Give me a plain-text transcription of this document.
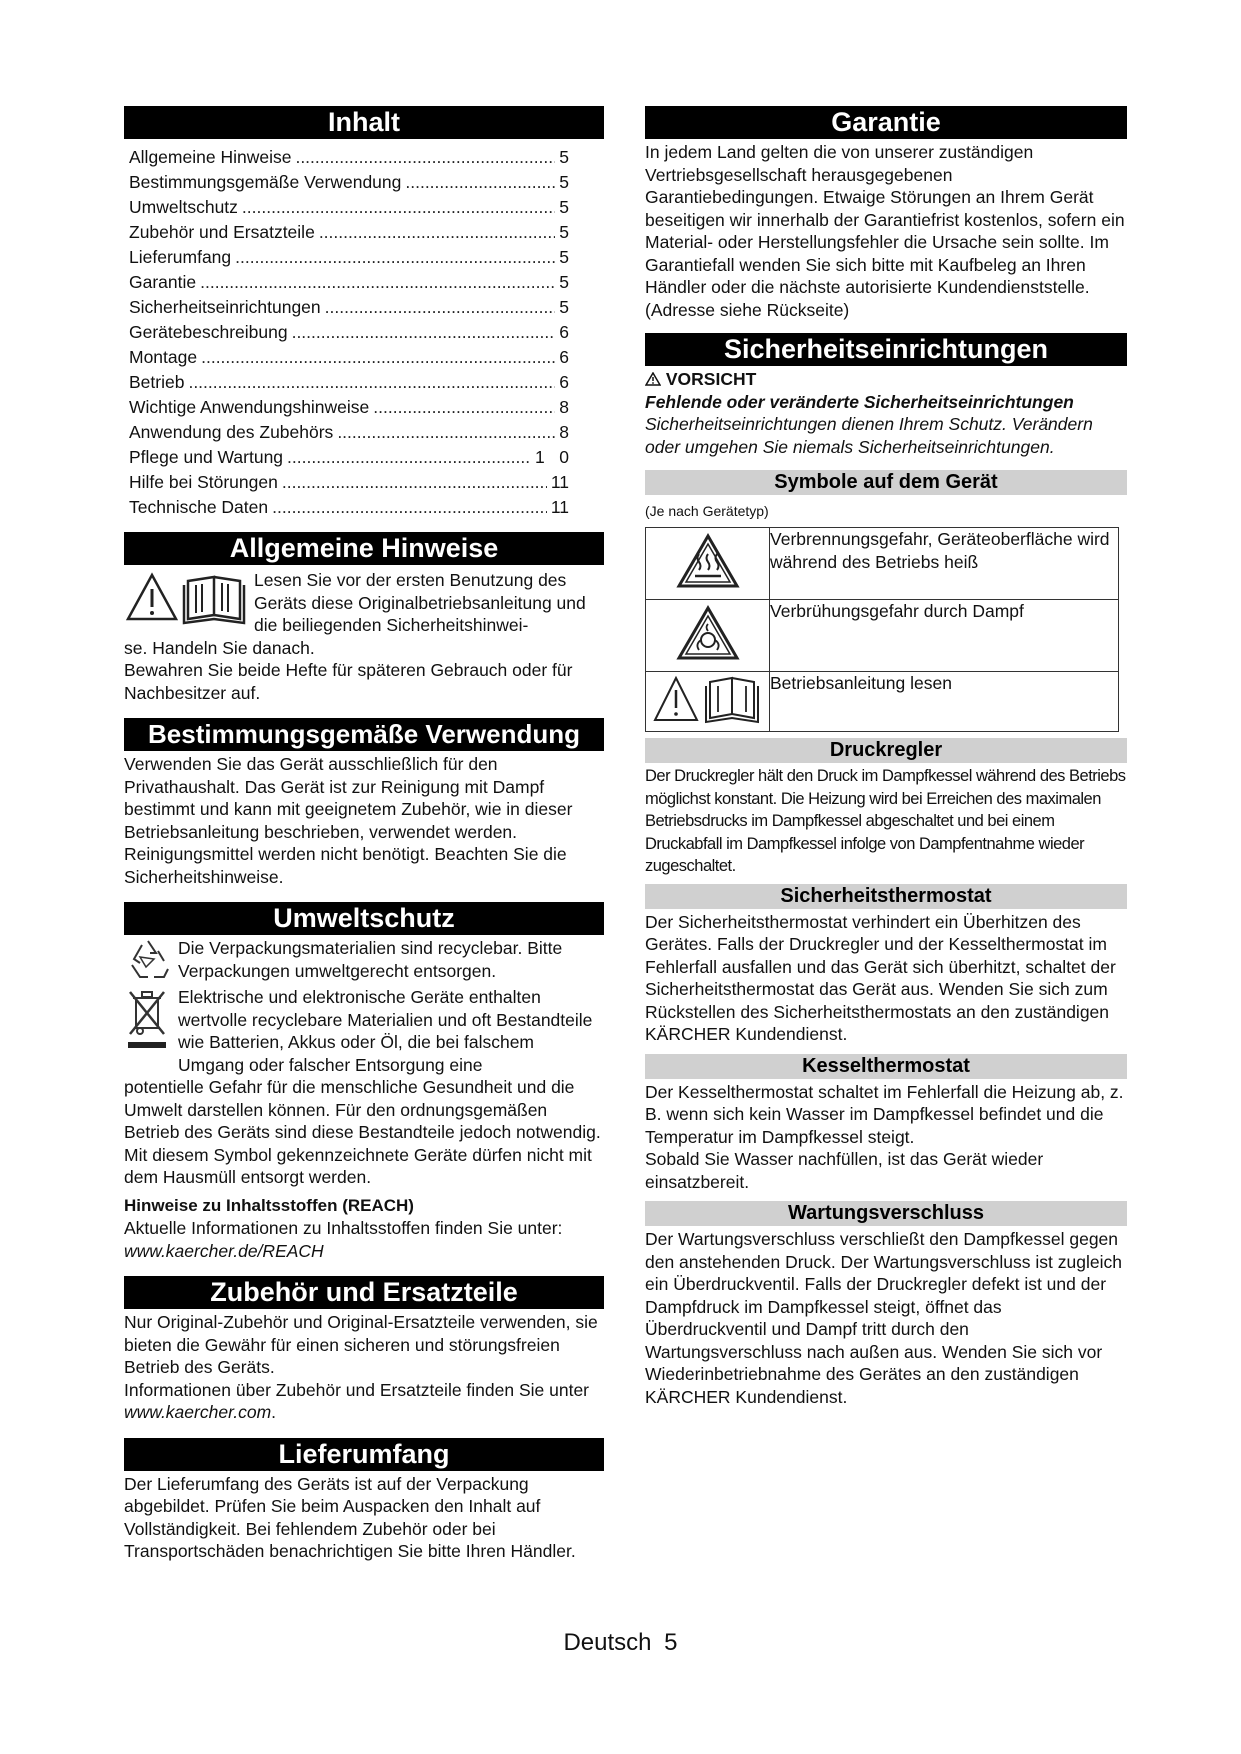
Inhalt
Allgemeine Hinweise .....	5
Bestimmungsgemäße Verwendung .....	5
Umweltschutz .....	5
Zubehör und Ersatzteile .....	5
Lieferumfang .....	5
Garantie .....	5
Sicherheitseinrichtungen .....	5
Gerätebeschreibung .....	6
Montage .....	6
Betrieb .....	6
Wichtige Anwendungshinweise .....	8
Anwendung des Zubehörs .....	8
Pflege und Wartung .....	1   0
Hilfe bei Störungen .....	11
Technische Daten .....	11
Allgemeine Hinweise

Lesen Sie vor der ersten Benutzung des Geräts diese Originalbetriebsanleitung und die beiliegenden Sicherheitshinwei-

se. Handeln Sie danach.

Bewahren Sie beide Hefte für späteren Gebrauch oder für Nachbesitzer auf.

Bestimmungsgemäße Verwendung

Verwenden Sie das Gerät ausschließlich für den Privathaushalt. Das Gerät ist zur Reinigung mit Dampf bestimmt und kann mit geeignetem Zubehör, wie in dieser Betriebsanleitung beschrieben, verwendet werden. Reinigungsmittel werden nicht benötigt. Beachten Sie die Sicherheitshinweise.

Umweltschutz

Die Verpackungsmaterialien sind recyclebar. Bitte Verpackungen umweltgerecht entsorgen.

Elektrische und elektronische Geräte enthalten wertvolle recyclebare Materialien und oft Bestandteile wie Batterien, Akkus oder Öl, die bei falschem Umgang oder falscher Entsorgung eine

potentielle Gefahr für die menschliche Gesundheit und die Umwelt darstellen können. Für den ordnungsgemäßen Betrieb des Geräts sind diese Bestandteile jedoch notwendig. Mit diesem Symbol gekennzeichnete Geräte dürfen nicht mit dem Hausmüll entsorgt werden.

Hinweise zu Inhaltsstoffen (REACH)

Aktuelle Informationen zu Inhaltsstoffen finden Sie unter: www.kaercher.de/REACH

Zubehör und Ersatzteile

Nur Original-Zubehör und Original-Ersatzteile verwenden, sie bieten die Gewähr für einen sicheren und störungsfreien Betrieb des Geräts.

Informationen über Zubehör und Ersatzteile finden Sie unter www.kaercher.com.

Lieferumfang

Der Lieferumfang des Geräts ist auf der Verpackung abgebildet. Prüfen Sie beim Auspacken den Inhalt auf Vollständigkeit. Bei fehlendem Zubehör oder bei Transportschäden benachrichtigen Sie bitte Ihren Händler.

Garantie

In jedem Land gelten die von unserer zuständigen Vertriebsgesellschaft herausgegebenen Garantiebedingungen. Etwaige Störungen an Ihrem Gerät beseitigen wir innerhalb der Garantiefrist kostenlos, sofern ein Material- oder Herstellungsfehler die Ursache sein sollte. Im Garantiefall wenden Sie sich bitte mit Kaufbeleg an Ihren Händler oder die nächste autorisierte Kundendienststelle.

(Adresse siehe Rückseite)

Sicherheitseinrichtungen

VORSICHT

Fehlende oder veränderte Sicherheitseinrichtungen

Sicherheitseinrichtungen dienen Ihrem Schutz. Verändern oder umgehen Sie niemals Sicherheitseinrichtungen.

Symbole auf dem Gerät

(Je nach Gerätetyp)

	Verbrennungsgefahr, Geräteoberfläche wird während des Betriebs heiß
	Verbrühungsgefahr durch Dampf
	Betriebsanleitung lesen
Druckregler

Der Druckregler hält den Druck im Dampfkessel während des Betriebs möglichst konstant. Die Heizung wird bei Erreichen des maximalen Betriebsdrucks im Dampfkessel abgeschaltet und bei einem Druckabfall im Dampfkessel infolge von Dampfentnahme wieder zugeschaltet.

Sicherheitsthermostat

Der Sicherheitsthermostat verhindert ein Überhitzen des Gerätes. Falls der Druckregler und der Kesselthermostat im Fehlerfall ausfallen und das Gerät sich überhitzt, schaltet der Sicherheitsthermostat das Gerät aus. Wenden Sie sich zum Rückstellen des Sicherheitsthermostats an den zuständigen KÄRCHER Kundendienst.

Kesselthermostat

Der Kesselthermostat schaltet im Fehlerfall die Heizung ab, z. B. wenn sich kein Wasser im Dampfkessel befindet und die Temperatur im Dampfkessel steigt.

Sobald Sie Wasser nachfüllen, ist das Gerät wieder einsatzbereit.

Wartungsverschluss

Der Wartungsverschluss verschließt den Dampfkessel gegen den anstehenden Druck. Der Wartungsverschluss ist zugleich ein Überdruckventil. Falls der Druckregler defekt ist und der Dampfdruck im Dampfkessel steigt, öffnet das Überdruckventil und Dampf tritt durch den Wartungsverschluss nach außen aus. Wenden Sie sich vor Wiederinbetriebnahme des Gerätes an den zuständigen KÄRCHER Kundendienst.

Deutsch 5
